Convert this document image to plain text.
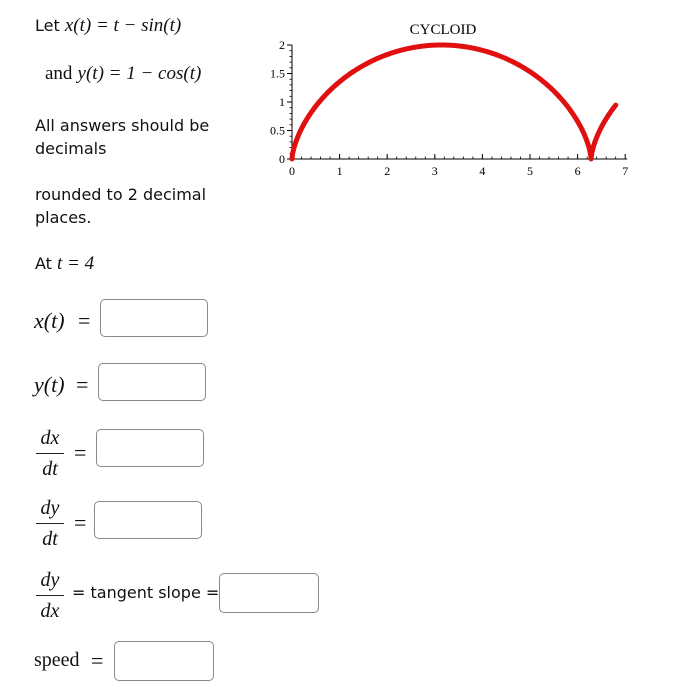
Let x(t) = t − sin(t)
and y(t) = 1 − cos(t)
All answers should be decimals
rounded to 2 decimal places.
At t = 4
CYCLOID
0	1	2	3	4	5	6	7
0
0.5
1
1.5
2
x(t) =
y(t) =
dx
dt
=
dy
dt
=
dy
dx
= tangent slope =
speed =
